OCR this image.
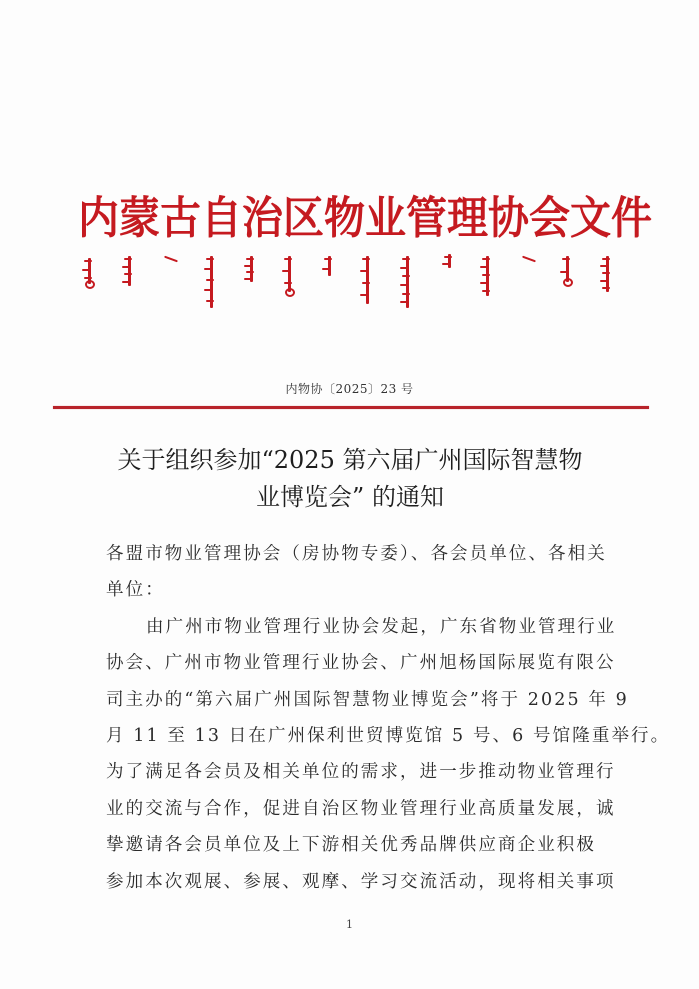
内 蒙 古 自 治 区 物 业 管 理 协 会 文 件
内物协〔2025〕23 号
关于组织参加“2025 第六届广州国际智慧物
业博览会” 的通知
各盟市物业管理协会（房协物专委）、各会员单位、各相关
单位：
由广州市物业管理行业协会发起，广东省物业管理行业
协会、广州市物业管理行业协会、广州旭杨国际展览有限公
司主办的“第六届广州国际智慧物业博览会”将于 2025 年 9
月 11 至 13 日在广州保利世贸博览馆 5 号、6 号馆隆重举行。
为了满足各会员及相关单位的需求，进一步推动物业管理行
业的交流与合作，促进自治区物业管理行业高质量发展，诚
挚邀请各会员单位及上下游相关优秀品牌供应商企业积极
参加本次观展、参展、观摩、学习交流活动，现将相关事项
1
